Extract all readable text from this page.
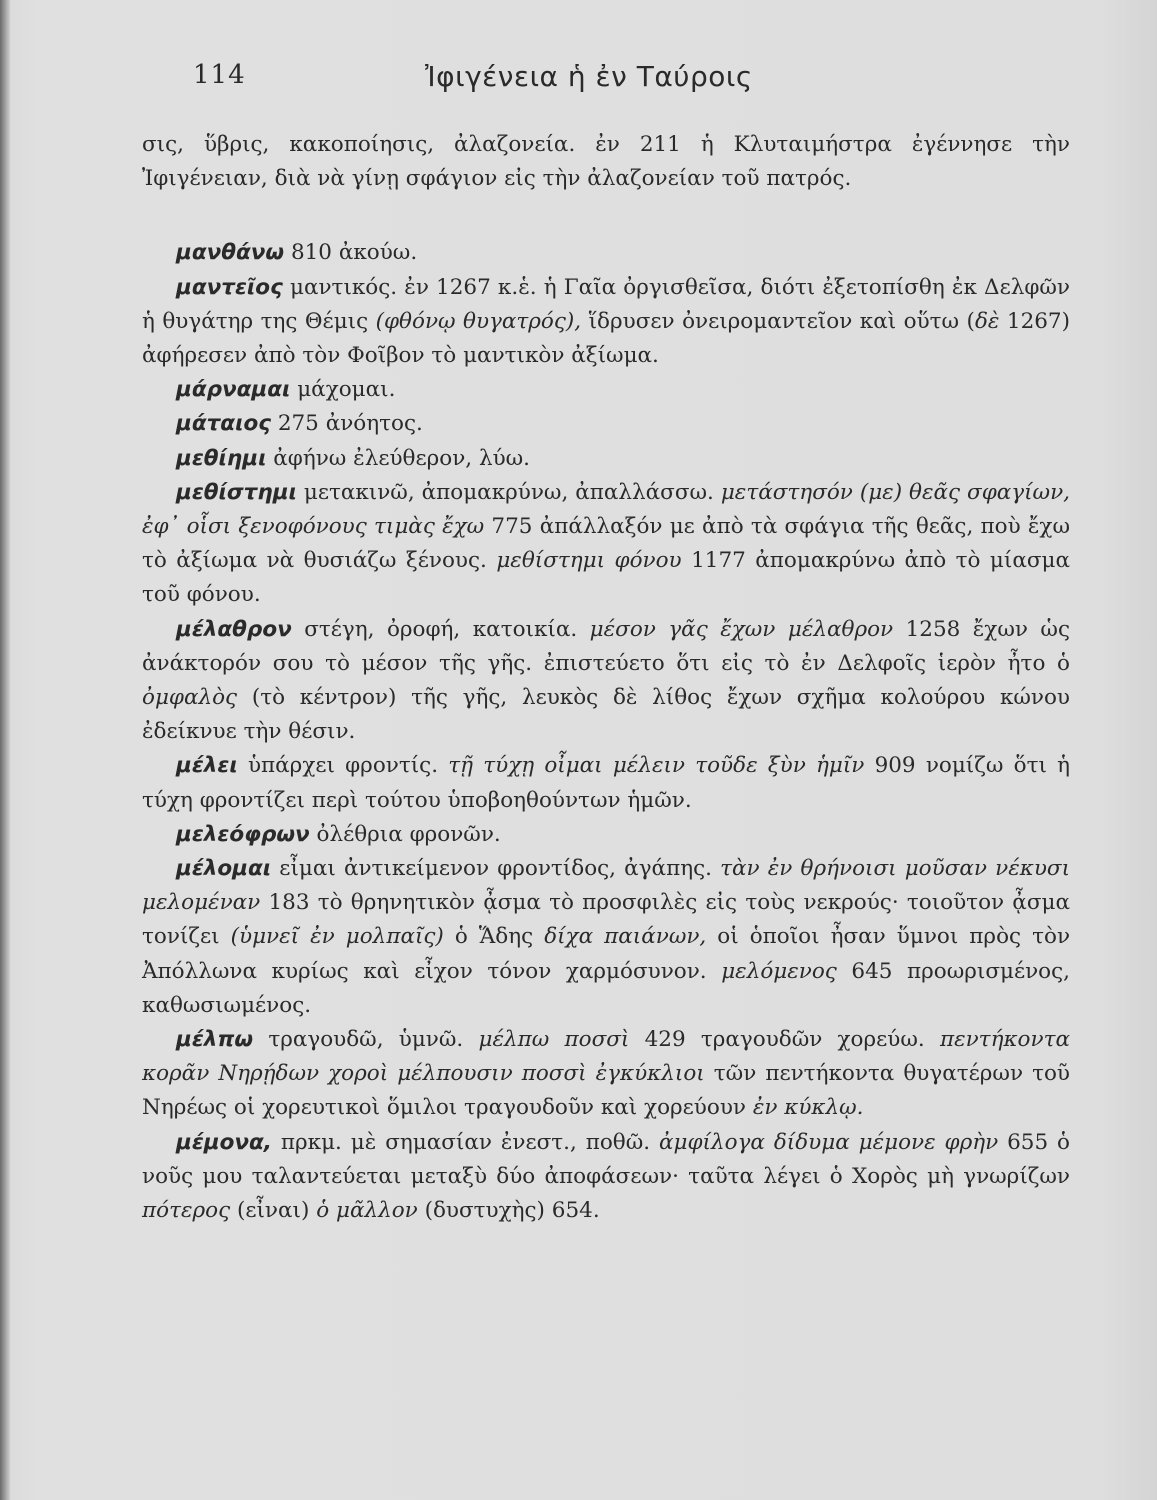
114	Ἰφιγένεια ἡ ἐν Ταύροις

σις, ὕβρις, κακοποίησις, ἀλαζονεία. ἐν 211 ἡ Κλυταιμήστρα ἐγέννησε τὴν Ἰφιγένειαν, διὰ νὰ γίνῃ σφάγιον εἰς τὴν ἀλαζονείαν τοῦ πατρός.

μανθάνω 810 ἀκούω.

μαντεῖος μαντικός. ἐν 1267 κ.ἑ. ἡ Γαῖα ὀργισθεῖσα, διότι ἐξετοπίσθη ἐκ Δελφῶν ἡ θυγάτηρ της Θέμις (φθόνῳ θυγατρός), ἵδρυσεν ὀνειρομαντεῖον καὶ οὕτω (δὲ 1267) ἀφήρεσεν ἀπὸ τὸν Φοῖβον τὸ μαντικὸν ἀξίωμα.

μάρναμαι μάχομαι.

μάταιος 275 ἀνόητος.

μεθίημι ἀφήνω ἐλεύθερον, λύω.

μεθίστημι μετακινῶ, ἀπομακρύνω, ἀπαλλάσσω. μετάστησόν (με) θεᾶς σφαγίων, ἐφ᾿ οἷσι ξενοφόνους τιμὰς ἔχω 775 ἀπάλλαξόν με ἀπὸ τὰ σφάγια τῆς θεᾶς, ποὺ ἔχω τὸ ἀξίωμα νὰ θυσιάζω ξένους. μεθίστημι φόνου 1177 ἀπομακρύνω ἀπὸ τὸ μίασμα τοῦ φόνου.

μέλαθρον στέγη, ὀροφή, κατοικία. μέσον γᾶς ἔχων μέλαθρον 1258 ἔχων ὡς ἀνάκτορόν σου τὸ μέσον τῆς γῆς. ἐπιστεύετο ὅτι εἰς τὸ ἐν Δελφοῖς ἱερὸν ἦτο ὁ ὀμφαλὸς (τὸ κέντρον) τῆς γῆς, λευκὸς δὲ λίθος ἔχων σχῆμα κολούρου κώνου ἐδείκνυε τὴν θέσιν.

μέλει ὑπάρχει φροντίς. τῇ τύχῃ οἶμαι μέλειν τοῦδε ξὺν ἡμῖν 909 νομίζω ὅτι ἡ τύχη φροντίζει περὶ τούτου ὑποβοηθούντων ἡμῶν.

μελεόφρων ὀλέθρια φρονῶν.

μέλομαι εἶμαι ἀντικείμενον φροντίδος, ἀγάπης. τὰν ἐν θρήνοισι μοῦσαν νέκυσι μελομέναν 183 τὸ θρηνητικὸν ᾆσμα τὸ προσφιλὲς εἰς τοὺς νεκρούς· τοιοῦτον ᾆσμα τονίζει (ὑμνεῖ ἐν μολπαῖς) ὁ Ἅδης δίχα παιάνων, οἱ ὁποῖοι ἦσαν ὕμνοι πρὸς τὸν Ἀπόλλωνα κυρίως καὶ εἶχον τόνον χαρμόσυνον. μελόμενος 645 προωρισμένος, καθωσιωμένος.

μέλπω τραγουδῶ, ὑμνῶ. μέλπω ποσσὶ 429 τραγουδῶν χορεύω. πεντήκοντα κορᾶν Νηρῄδων χοροὶ μέλπουσιν ποσσὶ ἐγκύκλιοι τῶν πεντήκοντα θυγατέρων τοῦ Νηρέως οἱ χορευτικοὶ ὅμιλοι τραγουδοῦν καὶ χορεύουν ἐν κύκλῳ.

μέμονα, πρκμ. μὲ σημασίαν ἐνεστ., ποθῶ. ἀμφίλογα δίδυμα μέμονε φρὴν 655 ὁ νοῦς μου ταλαντεύεται μεταξὺ δύο ἀποφάσεων· ταῦτα λέγει ὁ Χορὸς μὴ γνωρίζων πότερος (εἶναι) ὁ μᾶλλον (δυστυχὴς) 654.
